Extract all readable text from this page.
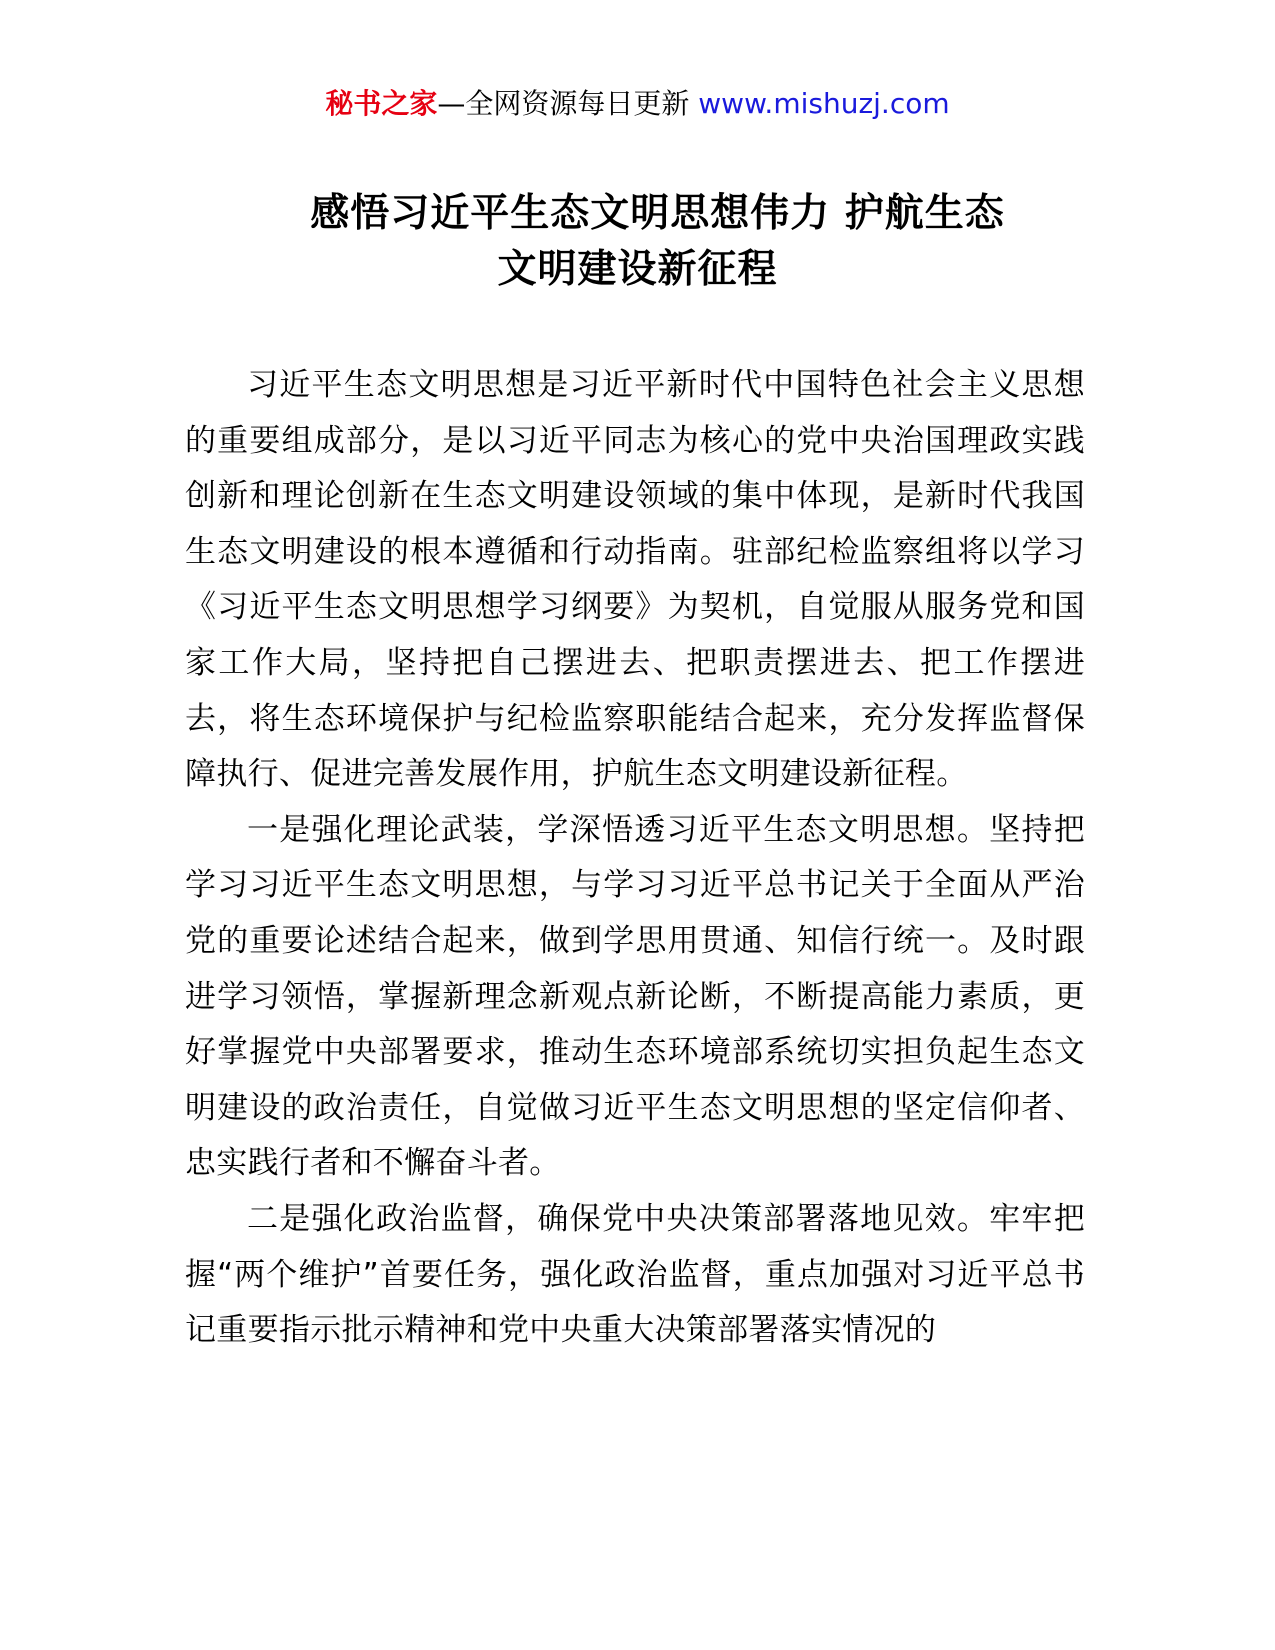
秘书之家—全网资源每日更新 www.mishuzj.com
感悟习近平生态文明思想伟力 护航生态
文明建设新征程

习近平生态文明思想是习近平新时代中国特色社会主义思想的重要组成部分，是以习近平同志为核心的党中央治国理政实践创新和理论创新在生态文明建设领域的集中体现，是新时代我国生态文明建设的根本遵循和行动指南。驻部纪检监察组将以学习《习近平生态文明思想学习纲要》为契机，自觉服从服务党和国家工作大局，坚持把自己摆进去、把职责摆进去、把工作摆进去，将生态环境保护与纪检监察职能结合起来，充分发挥监督保障执行、促进完善发展作用，护航生态文明建设新征程。

一是强化理论武装，学深悟透习近平生态文明思想。坚持把学习习近平生态文明思想，与学习习近平总书记关于全面从严治党的重要论述结合起来，做到学思用贯通、知信行统一。及时跟进学习领悟，掌握新理念新观点新论断，不断提高能力素质，更好掌握党中央部署要求，推动生态环境部系统切实担负起生态文明建设的政治责任，自觉做习近平生态文明思想的坚定信仰者、忠实践行者和不懈奋斗者。

二是强化政治监督，确保党中央决策部署落地见效。牢牢把握“两个维护”首要任务，强化政治监督，重点加强对习近平总书记重要指示批示精神和党中央重大决策部署落实情况的
